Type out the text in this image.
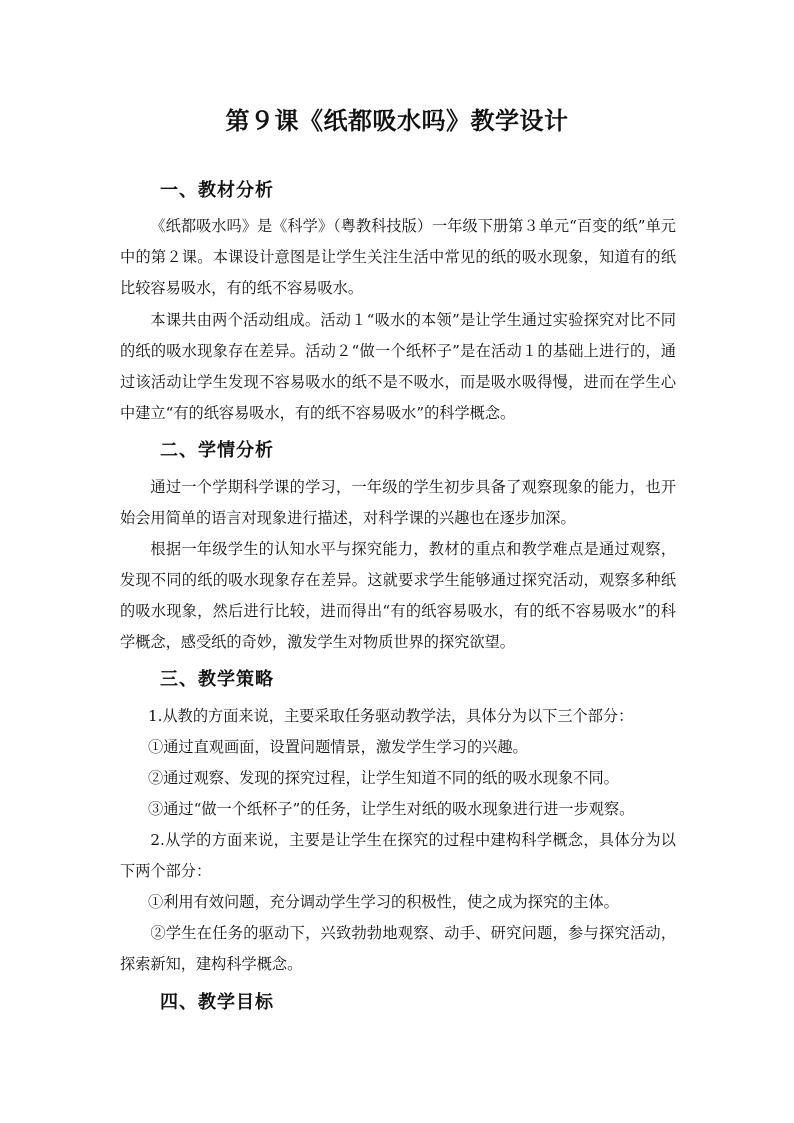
第９课《纸都吸水吗》教学设计
一、教材分析
《纸都吸水吗》是《科学》（粤教科技版）一年级下册第３单元“百变的纸”单元中的第２课。本课设计意图是让学生关注生活中常见的纸的吸水现象，知道有的纸比较容易吸水，有的纸不容易吸水。
本课共由两个活动组成。活动１“吸水的本领”是让学生通过实验探究对比不同的纸的吸水现象存在差异。活动２“做一个纸杯子”是在活动１的基础上进行的，通过该活动让学生发现不容易吸水的纸不是不吸水，而是吸水吸得慢，进而在学生心中建立“有的纸容易吸水，有的纸不容易吸水”的科学概念。
二、学情分析
通过一个学期科学课的学习，一年级的学生初步具备了观察现象的能力，也开始会用简单的语言对现象进行描述，对科学课的兴趣也在逐步加深。
根据一年级学生的认知水平与探究能力，教材的重点和教学难点是通过观察，发现不同的纸的吸水现象存在差异。这就要求学生能够通过探究活动，观察多种纸的吸水现象，然后进行比较，进而得出“有的纸容易吸水，有的纸不容易吸水”的科学概念，感受纸的奇妙，激发学生对物质世界的探究欲望。
三、教学策略
1.从教的方面来说，主要采取任务驱动教学法，具体分为以下三个部分：
①通过直观画面，设置问题情景，激发学生学习的兴趣。
②通过观察、发现的探究过程，让学生知道不同的纸的吸水现象不同。
③通过“做一个纸杯子”的任务，让学生对纸的吸水现象进行进一步观察。
2.从学的方面来说，主要是让学生在探究的过程中建构科学概念，具体分为以下两个部分：
①利用有效问题，充分调动学生学习的积极性，使之成为探究的主体。
②学生在任务的驱动下，兴致勃勃地观察、动手、研究问题，参与探究活动，探索新知，建构科学概念。
四、教学目标
